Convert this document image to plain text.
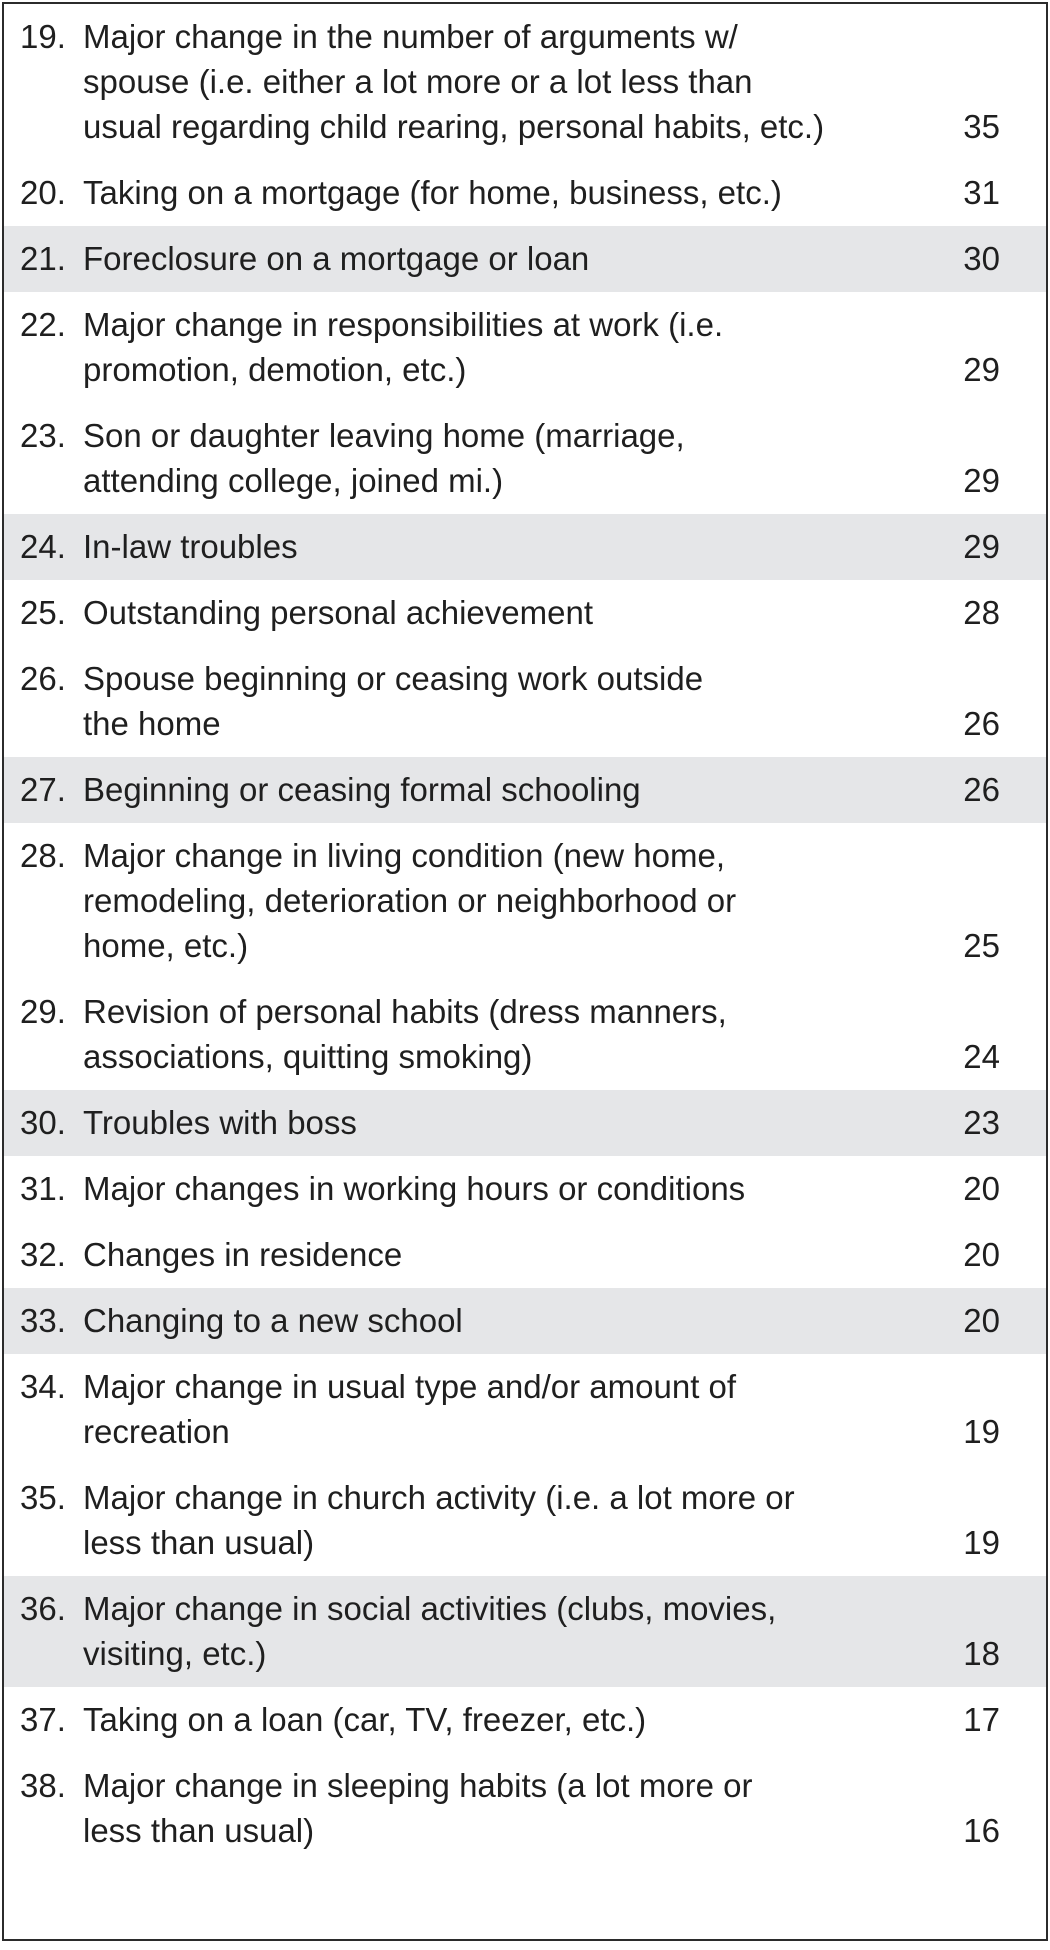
19. Major change in the number of arguments w/
spouse (i.e. either a lot more or a lot less than
usual regarding child rearing, personal habits, etc.)	35
20. Taking on a mortgage (for home, business, etc.)	31
21. Foreclosure on a mortgage or loan	30
22. Major change in responsibilities at work (i.e.
promotion, demotion, etc.)	29
23. Son or daughter leaving home (marriage,
attending college, joined mi.)	29
24. In-law troubles	29
25. Outstanding personal achievement	28
26. Spouse beginning or ceasing work outside
the home	26
27. Beginning or ceasing formal schooling	26
28. Major change in living condition (new home,
remodeling, deterioration or neighborhood or
home, etc.)	25
29. Revision of personal habits (dress manners,
associations, quitting smoking)	24
30. Troubles with boss	23
31. Major changes in working hours or conditions	20
32. Changes in residence	20
33. Changing to a new school	20
34. Major change in usual type and/or amount of
recreation	19
35. Major change in church activity (i.e. a lot more or
less than usual)	19
36. Major change in social activities (clubs, movies,
visiting, etc.)	18
37. Taking on a loan (car, TV, freezer, etc.)	17
38. Major change in sleeping habits (a lot more or
less than usual)	16
